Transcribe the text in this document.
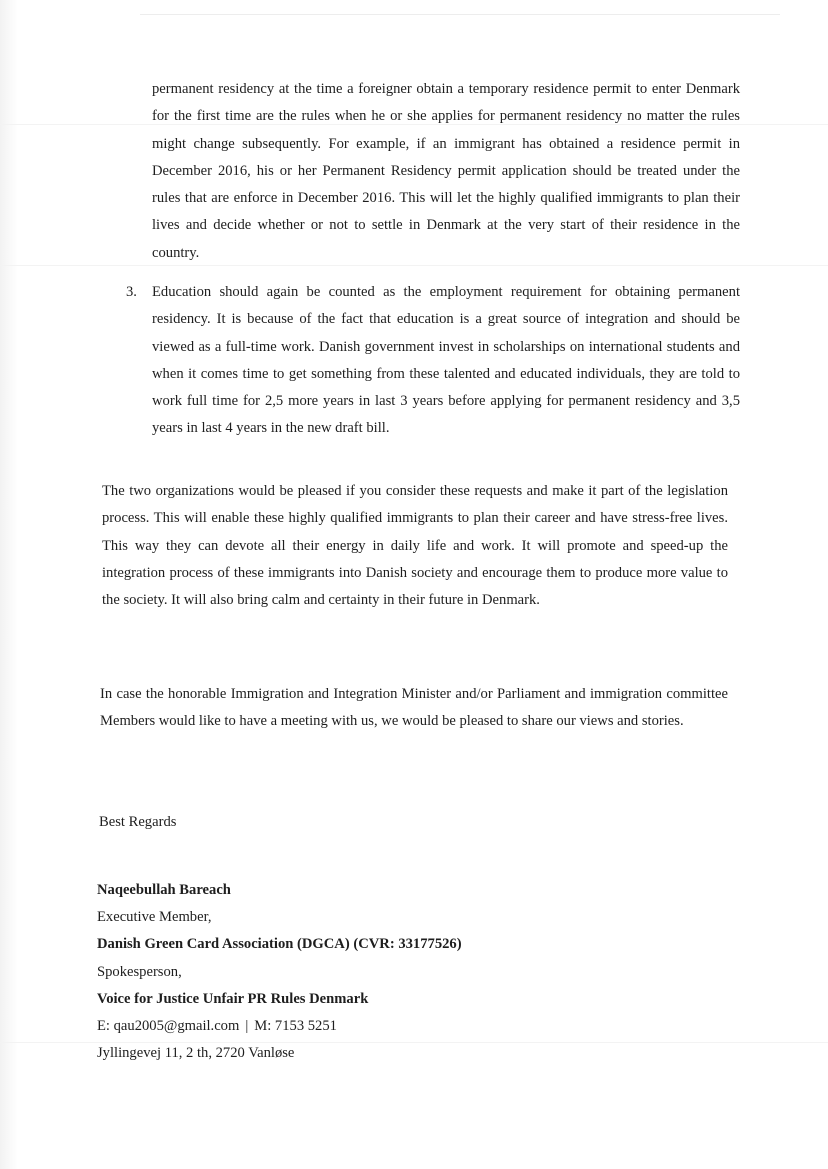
permanent residency at the time a foreigner obtain a temporary residence permit to enter Denmark for the first time are the rules when he or she applies for permanent residency no matter the rules might change subsequently. For example, if an immigrant has obtained a residence permit in December 2016, his or her Permanent Residency permit application should be treated under the rules that are enforce in December 2016. This will let the highly qualified immigrants to plan their lives and decide whether or not to settle in Denmark at the very start of their residence in the country.
3. Education should again be counted as the employment requirement for obtaining permanent residency. It is because of the fact that education is a great source of integration and should be viewed as a full-time work. Danish government invest in scholarships on international students and when it comes time to get something from these talented and educated individuals, they are told to work full time for 2,5 more years in last 3 years before applying for permanent residency and 3,5 years in last 4 years in the new draft bill.
The two organizations would be pleased if you consider these requests and make it part of the legislation process. This will enable these highly qualified immigrants to plan their career and have stress-free lives. This way they can devote all their energy in daily life and work. It will promote and speed-up the integration process of these immigrants into Danish society and encourage them to produce more value to the society. It will also bring calm and certainty in their future in Denmark.
In case the honorable Immigration and Integration Minister and/or Parliament and immigration committee Members would like to have a meeting with us, we would be pleased to share our views and stories.
Best Regards
Naqeebullah Bareach
Executive Member,
Danish Green Card Association (DGCA) (CVR: 33177526)
Spokesperson,
Voice for Justice Unfair PR Rules Denmark
E: qau2005@gmail.com | M: 7153 5251
Jyllingevej 11, 2 th, 2720 Vanløse
